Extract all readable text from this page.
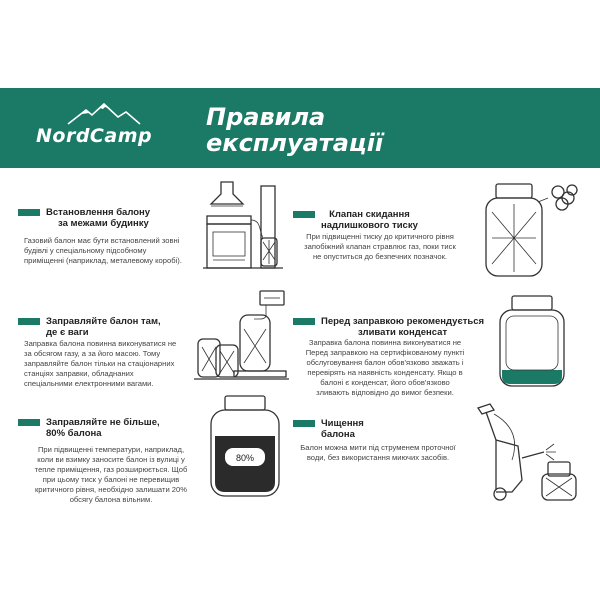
NordCamp
Правила
експлуатації
Встановлення балону
за межами будинку
Газовий балон має бути встановлений зовні
будівлі у спеціальному підсобному
приміщенні (наприклад, металевому коробі).
Клапан скидання
надлишкового тиску
При підвищенні тиску до критичного рівня
запобіжний клапан стравлює газ, поки тиск
не опуститься до безпечних позначок.
Заправляйте балон там,
де є ваги
Заправка балона повинна виконуватися не
за обсягом газу, а за його масою. Тому
заправляйте балон тільки на стаціонарних
станціях заправки, обладнаних
спеціальними електронними вагами.
Перед заправкою рекомендується
зливати конденсат
Заправка балона повинна виконуватися не
Перед заправкою на сертифікованому пункті
обслуговування балон обов'язково зважать і
перевірять на наявність конденсату. Якщо в
балоні є конденсат, його обов'язково
зливають відповідно до вимог безпеки.
Заправляйте не більше,
80% балона
При підвищенні температури, наприклад,
коли ви взимку заносите балон із вулиці у
тепле приміщення, газ розширюється. Щоб
при цьому тиск у балоні не перевищив
критичного рівня, необхідно залишати 20%
обсягу балона вільним.
80%
Чищення
балона
Балон можна мити під струменем проточної
води, без використання миючих засобів.
